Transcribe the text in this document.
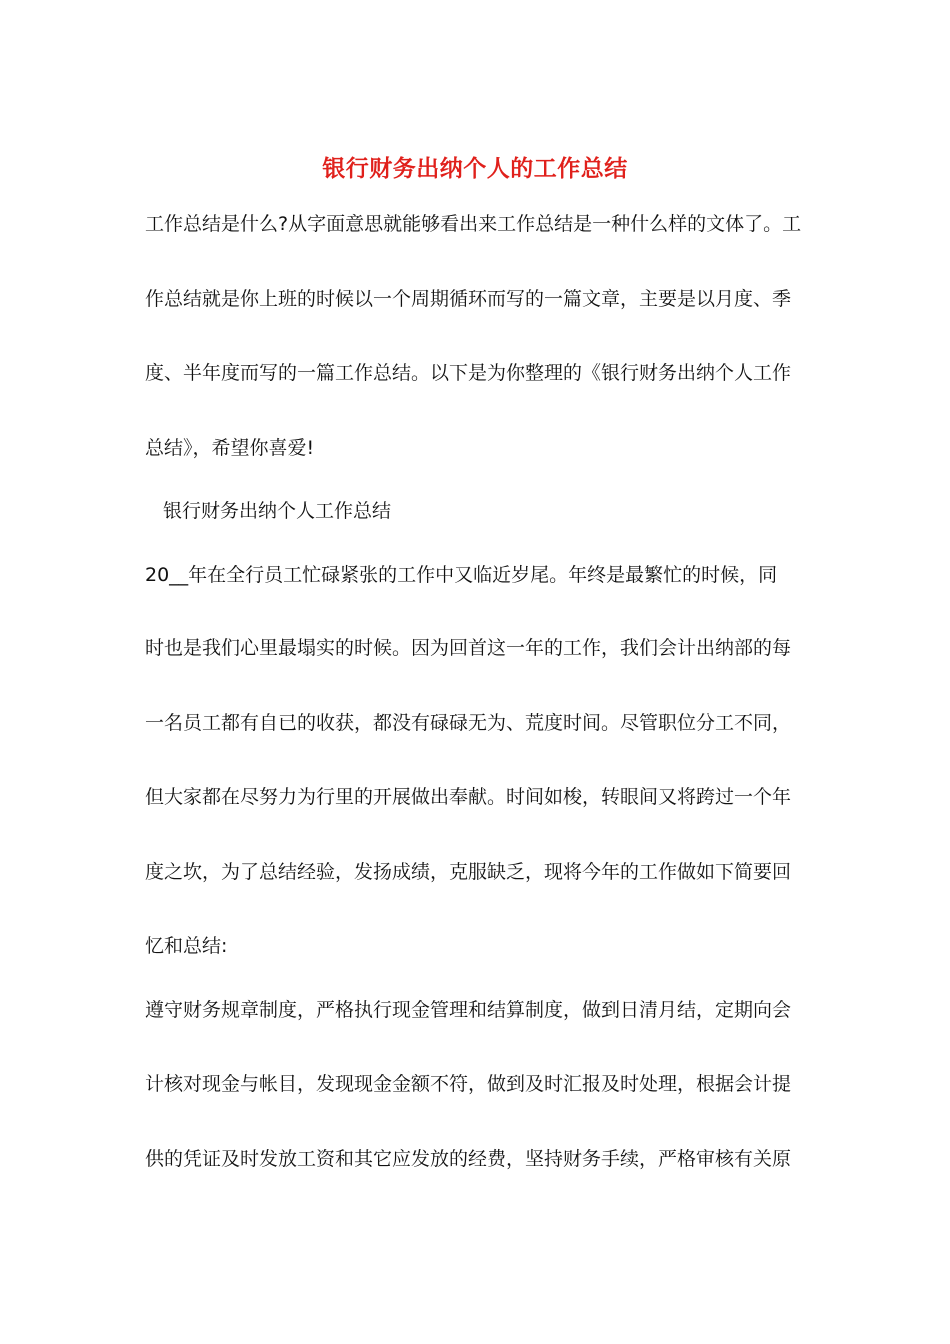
银行财务出纳个人的工作总结
工作总结是什么?从字面意思就能够看出来工作总结是一种什么样的文体了。工
作总结就是你上班的时候以一个周期循环而写的一篇文章，主要是以月度、季
度、半年度而写的一篇工作总结。以下是为你整理的《银行财务出纳个人工作
总结》，希望你喜爱!
银行财务出纳个人工作总结
20__年在全行员工忙碌紧张的工作中又临近岁尾。年终是最繁忙的时候，同
时也是我们心里最塌实的时候。因为回首这一年的工作，我们会计出纳部的每
一名员工都有自已的收获，都没有碌碌无为、荒度时间。尽管职位分工不同，
但大家都在尽努力为行里的开展做出奉献。时间如梭，转眼间又将跨过一个年
度之坎，为了总结经验，发扬成绩，克服缺乏，现将今年的工作做如下简要回
忆和总结:
遵守财务规章制度，严格执行现金管理和结算制度，做到日清月结，定期向会
计核对现金与帐目，发现现金金额不符，做到及时汇报及时处理，根据会计提
供的凭证及时发放工资和其它应发放的经费，坚持财务手续，严格审核有关原
